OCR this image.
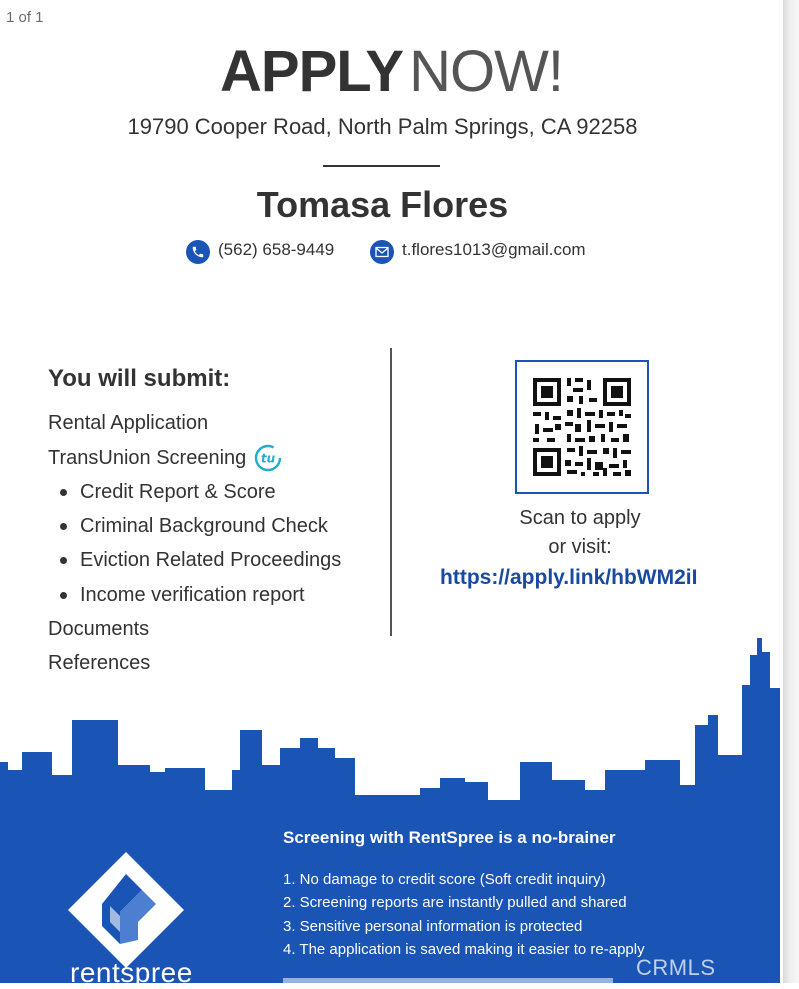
1 of 1
APPLY NOW!
19790 Cooper Road, North Palm Springs, CA 92258
Tomasa Flores
(562) 658-9449	t.flores1013@gmail.com
You will submit:
Rental Application
TransUnion Screening tu
Credit Report & Score
Criminal Background Check
Eviction Related Proceedings
Income verification report
Documents
References
Scan to apply
or visit:
https://apply.link/hbWM2iI
Screening with RentSpree is a no-brainer
1. No damage to credit score (Soft credit inquiry)
2. Screening reports are instantly pulled and shared
3. Sensitive personal information is protected
4. The application is saved making it easier to re-apply
rentspree	CRMLS
